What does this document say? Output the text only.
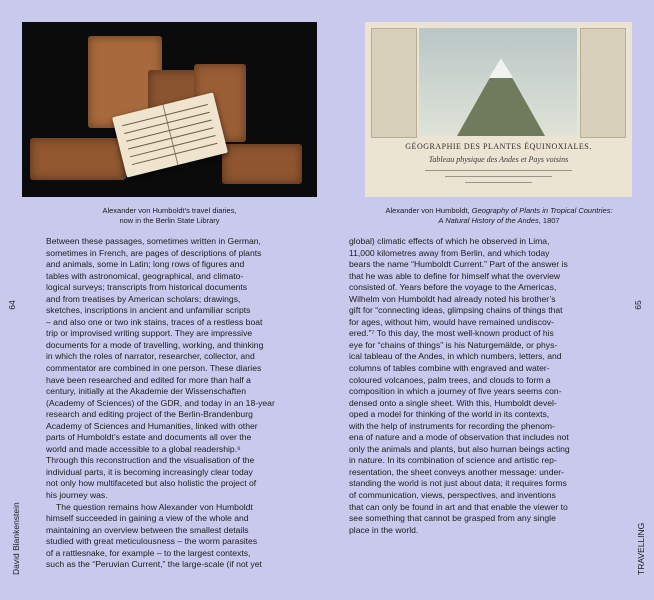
Alexander von Humboldt’s travel diaries,
now in the Berlin State Library
Between these passages, sometimes written in German,
sometimes in French, are pages of descriptions of plants
and animals, some in Latin; long rows of figures and
tables with astronomical, geographical, and climato-
logical surveys; transcripts from historical documents
and from treatises by American scholars; drawings,
sketches, inscriptions in ancient and unfamiliar scripts
– and also one or two ink stains, traces of a restless boat
trip or improvised writing support. They are impressive
documents for a mode of travelling, working, and thinking
in which the roles of narrator, researcher, collector, and
commentator are combined in one person. These diaries
have been researched and edited for more than half a
century, initially at the Akademie der Wissenschaften
(Academy of Sciences) of the GDR, and today in an 18-year
research and editing project of the Berlin-Brandenburg
Academy of Sciences and Humanities, linked with other
parts of Humboldt’s estate and documents all over the
world and made accessible to a global readership.⁶
Through this reconstruction and the visualisation of the
individual parts, it is becoming increasingly clear today
not only how multifaceted but also holistic the project of
his journey was.
The question remains how Alexander von Humboldt
himself succeeded in gaining a view of the whole and
maintaining an overview between the smallest details
studied with great meticulousness – the worm parasites
of a rattlesnake, for example – to the largest contexts,
such as the “Peruvian Current,” the large-scale (if not yet
64
David Blankenstein
GÉOGRAPHIE DES PLANTES ÉQUINOXIALES.
Tableau physique des Andes et Pays voisins
Alexander von Humboldt, Geography of Plants in Tropical Countries:
A Natural History of the Andes, 1807
global) climatic effects of which he observed in Lima,
11,000 kilometres away from Berlin, and which today
bears the name “Humboldt Current.” Part of the answer is
that he was able to define for himself what the overview
consisted of. Years before the voyage to the Americas,
Wilhelm von Humboldt had already noted his brother’s
gift for “connecting ideas, glimpsing chains of things that
for ages, without him, would have remained undiscov-
ered.”⁷ To this day, the most well-known product of his
eye for “chains of things” is his Naturgemälde, or phys-
ical tableau of the Andes, in which numbers, letters, and
columns of tables combine with engraved and water-
coloured volcanoes, palm trees, and clouds to form a
composition in which a journey of five years seems con-
densed onto a single sheet. With this, Humboldt devel-
oped a model for thinking of the world in its contexts,
with the help of instruments for recording the phenom-
ena of nature and a mode of observation that includes not
only the animals and plants, but also human beings acting
in nature. In its combination of science and artistic rep-
resentation, the sheet conveys another message: under-
standing the world is not just about data; it requires forms
of communication, views, perspectives, and inventions
that can only be found in art and that enable the viewer to
see something that cannot be grasped from any single
place in the world.
65
TRAVELLING
